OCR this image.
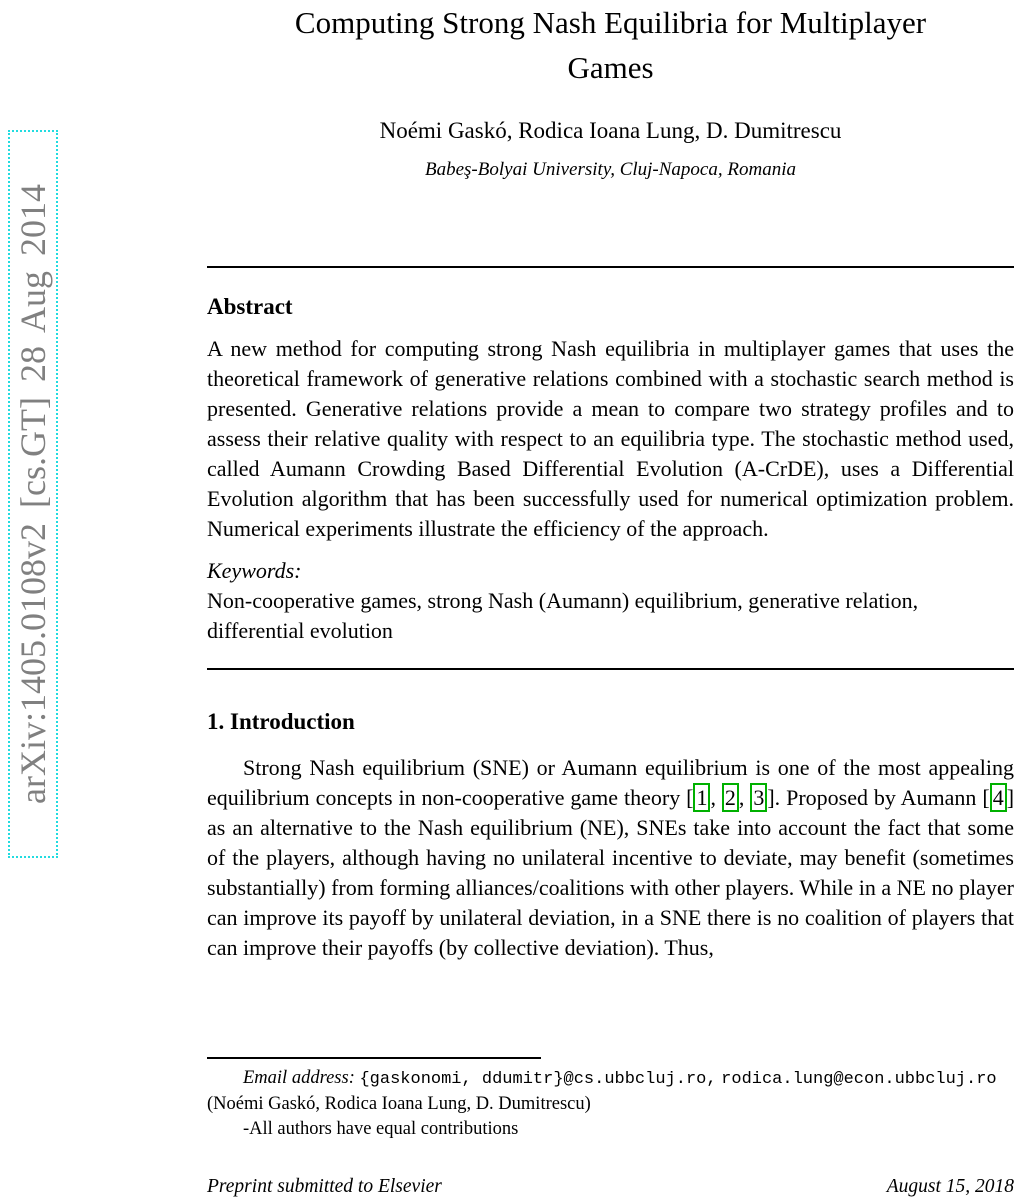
arXiv:1405.0108v2 [cs.GT] 28 Aug 2014
Computing Strong Nash Equilibria for Multiplayer
Games
Noémi Gaskó, Rodica Ioana Lung, D. Dumitrescu
Babeş-Bolyai University, Cluj-Napoca, Romania
Abstract

A new method for computing strong Nash equilibria in multiplayer games that uses the theoretical framework of generative relations combined with a stochastic search method is presented. Generative relations provide a mean to compare two strategy profiles and to assess their relative quality with respect to an equilibria type. The stochastic method used, called Aumann Crowding Based Differential Evolution (A-CrDE), uses a Differential Evolution algorithm that has been successfully used for numerical optimization problem. Numerical experiments illustrate the efficiency of the approach.

Keywords:
Non-cooperative games, strong Nash (Aumann) equilibrium, generative relation, differential evolution
1. Introduction

Strong Nash equilibrium (SNE) or Aumann equilibrium is one of the most appealing equilibrium concepts in non-cooperative game theory [ 1 , 2 , 3 ]. Proposed by Aumann [ 4 ] as an alternative to the Nash equilibrium (NE), SNEs take into account the fact that some of the players, although having no unilateral incentive to deviate, may benefit (sometimes substantially) from forming alliances/coalitions with other players. While in a NE no player can improve its payoff by unilateral deviation, in a SNE there is no coalition of players that can improve their payoffs (by collective deviation). Thus,

Email address: {gaskonomi, ddumitr}@cs.ubbcluj.ro, rodica.lung@econ.ubbcluj.ro (Noémi Gaskó, Rodica Ioana Lung, D. Dumitrescu)

-All authors have equal contributions

Preprint submitted to Elsevier	August 15, 2018
